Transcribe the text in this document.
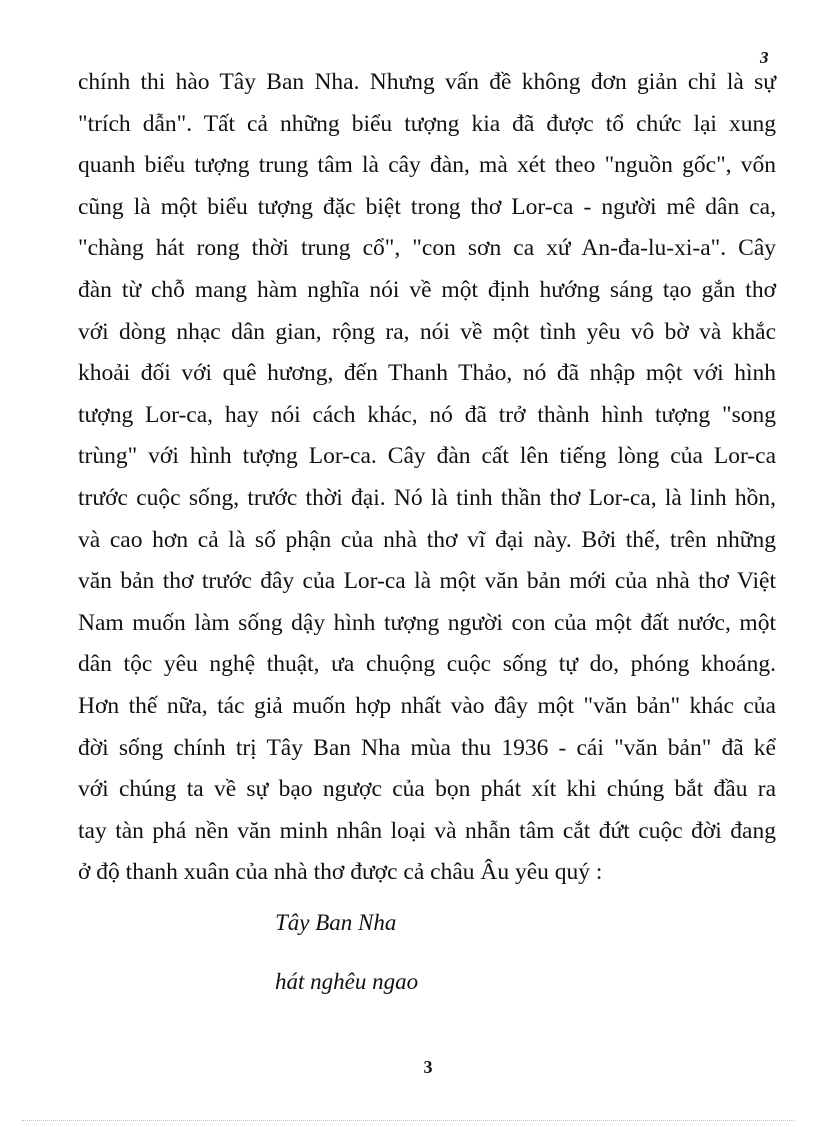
3
chính thi hào Tây Ban Nha. Nhưng vấn đề không đơn giản chỉ là sự
"trích dẫn". Tất cả những biểu tượng kia đã được tổ chức lại xung
quanh biểu tượng trung tâm là cây đàn, mà xét theo "nguồn gốc", vốn
cũng là một biểu tượng đặc biệt trong thơ Lor-ca - người mê dân ca,
"chàng hát rong thời trung cổ", "con sơn ca xứ An-đa-lu-xi-a". Cây
đàn từ chỗ mang hàm nghĩa nói về một định hướng sáng tạo gắn thơ
với dòng nhạc dân gian, rộng ra, nói về một tình yêu vô bờ và khắc
khoải đối với quê hương, đến Thanh Thảo, nó đã nhập một với hình
tượng Lor-ca, hay nói cách khác, nó đã trở thành hình tượng "song
trùng" với hình tượng Lor-ca. Cây đàn cất lên tiếng lòng của Lor-ca
trước cuộc sống, trước thời đại. Nó là tinh thần thơ Lor-ca, là linh hồn,
và cao hơn cả là số phận của nhà thơ vĩ đại này. Bởi thế, trên những
văn bản thơ trước đây của Lor-ca là một văn bản mới của nhà thơ Việt
Nam muốn làm sống dậy hình tượng người con của một đất nước, một
dân tộc yêu nghệ thuật, ưa chuộng cuộc sống tự do, phóng khoáng.
Hơn thế nữa, tác giả muốn hợp nhất vào đây một "văn bản" khác của
đời sống chính trị Tây Ban Nha mùa thu 1936 - cái "văn bản" đã kể
với chúng ta về sự bạo ngược của bọn phát xít khi chúng bắt đầu ra
tay tàn phá nền văn minh nhân loại và nhẫn tâm cắt đứt cuộc đời đang
ở độ thanh xuân của nhà thơ được cả châu Âu yêu quý :
Tây Ban Nha
hát nghêu ngao
3
